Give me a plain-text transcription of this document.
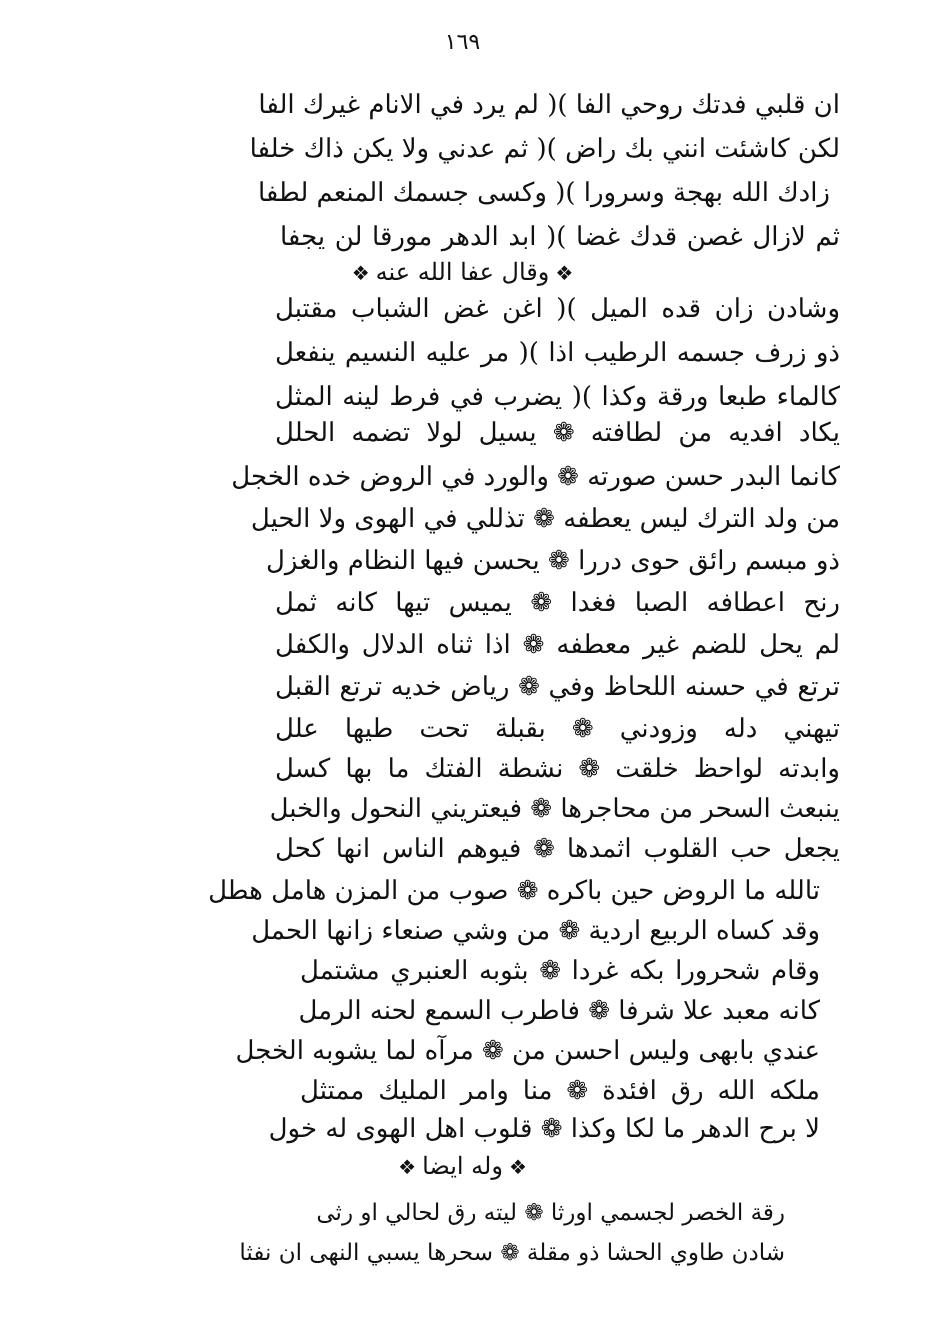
١٦٩
ان قلبي فدتك روحي الفا )( لم يرد في الانام غيرك الفا
لكن كاشئت انني بك راض )( ثم عدني ولا يكن ذاك خلفا
زادك الله بهجة وسرورا )( وكسى جسمك المنعم لطفا
ثم لازال غصن قدك غضا )( ابد الدهر مورقا لن يجفا
❖وقال عفا الله عنه❖
وشادن زان قده الميل )( اغن غض الشباب مقتبل
ذو زرف جسمه الرطيب اذا )( مر عليه النسيم ينفعل
كالماء طبعا ورقة وكذا )( يضرب في فرط لينه المثل
يكاد افديه من لطافته ❁ يسيل لولا تضمه الحلل
كانما البدر حسن صورته ❁ والورد في الروض خده الخجل
من ولد الترك ليس يعطفه ❁ تذللي في الهوى ولا الحيل
ذو مبسم رائق حوى دررا ❁ يحسن فيها النظام والغزل
رنح اعطافه الصبا فغدا ❁ يميس تيها كانه ثمل
لم يحل للضم غير معطفه ❁ اذا ثناه الدلال والكفل
ترتع في حسنه اللحاظ وفي ❁ رياض خديه ترتع القبل
تيهني دله وزودني ❁ بقبلة تحت طيها علل
وابدته لواحظ خلقت ❁ نشطة الفتك ما بها كسل
ينبعث السحر من محاجرها ❁ فيعتريني النحول والخبل
يجعل حب القلوب اثمدها ❁ فيوهم الناس انها كحل
تالله ما الروض حين باكره ❁ صوب من المزن هامل هطل
وقد كساه الربيع اردية ❁ من وشي صنعاء زانها الحمل
وقام شحرورا بكه غردا ❁ بثوبه العنبري مشتمل
كانه معبد علا شرفا ❁ فاطرب السمع لحنه الرمل
عندي بابهى وليس احسن من ❁ مرآه لما يشوبه الخجل
ملكه الله رق افئدة ❁ منا وامر المليك ممتثل
لا برح الدهر ما لكا وكذا ❁ قلوب اهل الهوى له خول
❖وله ايضا❖
رقة الخصر لجسمي اورثا ❁ ليته رق لحالي او رثى
شادن طاوي الحشا ذو مقلة ❁ سحرها يسبي النهى ان نفثا
